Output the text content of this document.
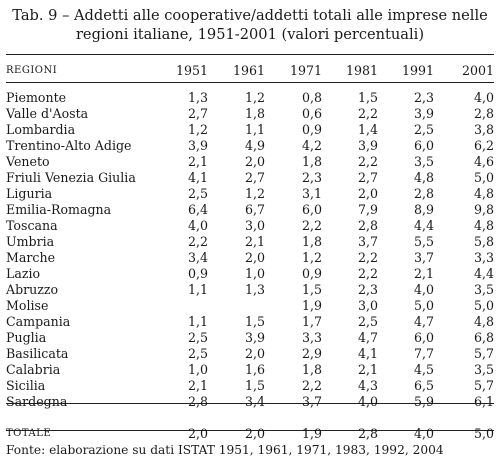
Tab. 9 – Addetti alle cooperative/addetti totali alle imprese nelle
regioni italiane, 1951-2001 (valori percentuali)
REGIONI	1951	1961	1971	1981	1991	2001

Piemonte	1,3	1,2	0,8	1,5	2,3	4,0
Valle d'Aosta	2,7	1,8	0,6	2,2	3,9	2,8
Lombardia	1,2	1,1	0,9	1,4	2,5	3,8
Trentino-Alto Adige	3,9	4,9	4,2	3,9	6,0	6,2
Veneto	2,1	2,0	1,8	2,2	3,5	4,6
Friuli Venezia Giulia	4,1	2,7	2,3	2,7	4,8	5,0
Liguria	2,5	1,2	3,1	2,0	2,8	4,8
Emilia-Romagna	6,4	6,7	6,0	7,9	8,9	9,8
Toscana	4,0	3,0	2,2	2,8	4,4	4,8
Umbria	2,2	2,1	1,8	3,7	5,5	5,8
Marche	3,4	2,0	1,2	2,2	3,7	3,3
Lazio	0,9	1,0	0,9	2,2	2,1	4,4
Abruzzo	1,1	1,3	1,5	2,3	4,0	3,5
Molise			1,9	3,0	5,0	5,0
Campania	1,1	1,5	1,7	2,5	4,7	4,8
Puglia	2,5	3,9	3,3	4,7	6,0	6,8
Basilicata	2,5	2,0	2,9	4,1	7,7	5,7
Calabria	1,0	1,6	1,8	2,1	4,5	3,5
Sicilia	2,1	1,5	2,2	4,3	6,5	5,7
Sardegna	2,8	3,4	3,7	4,0	5,9	6,1

TOTALE	2,0	2,0	1,9	2,8	4,0	5,0
Fonte: elaborazione su dati ISTAT 1951, 1961, 1971, 1983, 1992, 2004
